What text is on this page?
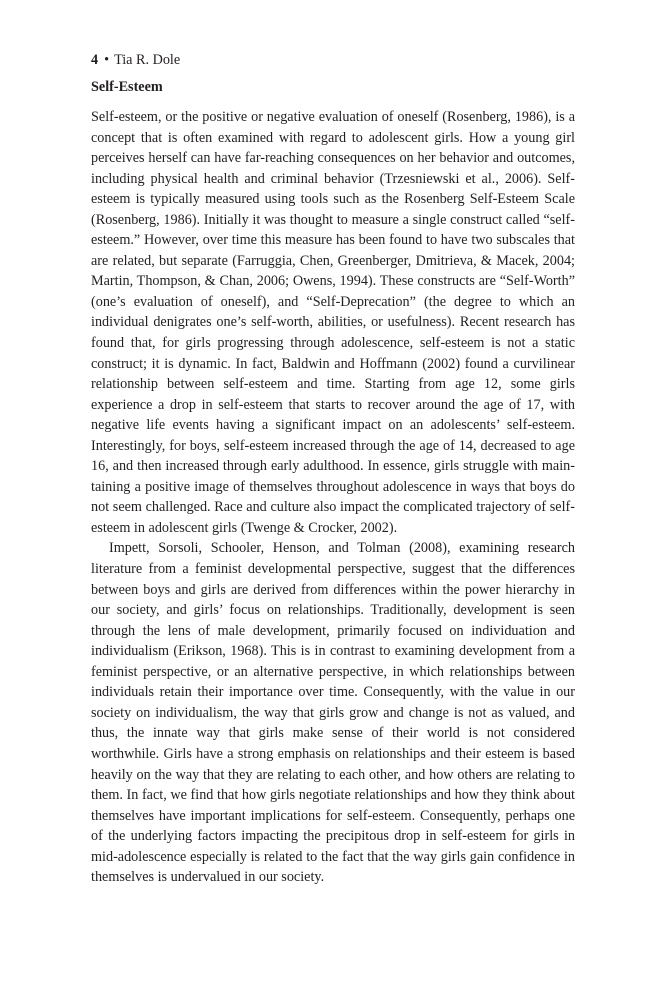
4 • Tia R. Dole
Self-Esteem

Self-esteem, or the positive or negative evaluation of oneself (Rosenberg, 1986), is a concept that is often examined with regard to adolescent girls. How a young girl perceives herself can have far-reaching consequences on her behavior and outcomes, including physical health and criminal behavior (Trzesniewski et al., 2006). Self-esteem is typically measured using tools such as the Rosenberg Self-Esteem Scale (Rosenberg, 1986). Initially it was thought to measure a single construct called “self-esteem.” However, over time this measure has been found to have two subscales that are related, but separate (Farruggia, Chen, Greenberger, Dmitrieva, & Macek, 2004; Martin, Thompson, & Chan, 2006; Owens, 1994). These constructs are “Self-Worth” (one’s evaluation of oneself), and “Self-Deprecation” (the degree to which an individual denigrates one’s self-worth, abilities, or usefulness). Recent research has found that, for girls progressing through adolescence, self-esteem is not a static construct; it is dynamic. In fact, Baldwin and Hoffmann (2002) found a curvilinear relationship between self-esteem and time. Starting from age 12, some girls experience a drop in self-esteem that starts to recover around the age of 17, with negative life events having a significant impact on an adolescents’ self-esteem. Interestingly, for boys, self-esteem increased through the age of 14, decreased to age 16, and then increased through early adulthood. In essence, girls struggle with maintaining a positive image of themselves throughout adolescence in ways that boys do not seem challenged. Race and culture also impact the complicated trajectory of self-esteem in adolescent girls (Twenge & Crocker, 2002).

Impett, Sorsoli, Schooler, Henson, and Tolman (2008), examining research literature from a feminist developmental perspective, suggest that the differences between boys and girls are derived from differences within the power hierarchy in our society, and girls’ focus on relationships. Traditionally, development is seen through the lens of male development, primarily focused on individuation and individualism (Erikson, 1968). This is in contrast to examining development from a feminist perspective, or an alternative perspective, in which relationships between individuals retain their importance over time. Consequently, with the value in our society on individualism, the way that girls grow and change is not as valued, and thus, the innate way that girls make sense of their world is not considered worthwhile. Girls have a strong emphasis on relationships and their esteem is based heavily on the way that they are relating to each other, and how others are relating to them. In fact, we find that how girls negotiate relationships and how they think about themselves have important implications for self-esteem. Consequently, perhaps one of the underlying factors impacting the precipitous drop in self-esteem for girls in mid-adolescence especially is related to the fact that the way girls gain confidence in themselves is undervalued in our society.
